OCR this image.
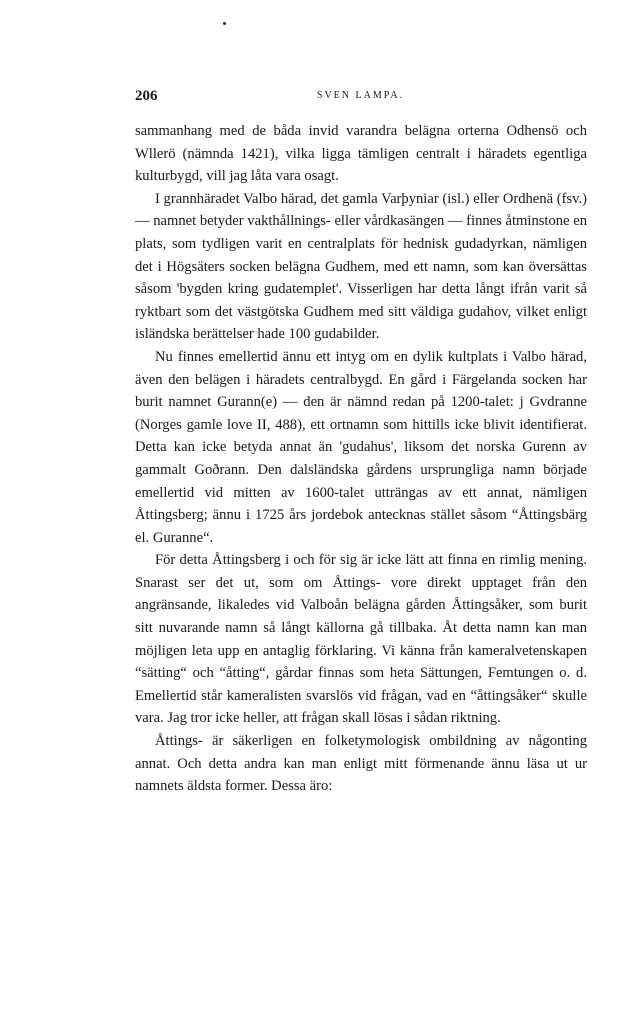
206	SVEN LAMPA.

sammanhang med de båda invid varandra belägna orterna Odhensö och Wllerö (nämnda 1421), vilka ligga tämligen centralt i häradets egentliga kulturbygd, vill jag låta vara osagt.

I grannhäradet Valbo härad, det gamla Varþyniar (isl.) eller Ordhenä (fsv.) — namnet betyder vakthållnings- eller vårdkasängen — finnes åtminstone en plats, som tydligen varit en centralplats för hednisk gudadyrkan, nämligen det i Högsäters socken belägna Gudhem, med ett namn, som kan översättas såsom 'bygden kring gudatemplet'. Visserligen har detta långt ifrån varit så ryktbart som det västgötska Gudhem med sitt väldiga gudahov, vilket enligt isländska berättelser hade 100 gudabilder.

Nu finnes emellertid ännu ett intyg om en dylik kultplats i Valbo härad, även den belägen i häradets centralbygd. En gård i Färgelanda socken har burit namnet Gurann(e) — den är nämnd redan på 1200-talet: j Gvdranne (Norges gamle love II, 488), ett ortnamn som hittills icke blivit identifierat. Detta kan icke betyda annat än 'gudahus', liksom det norska Gurenn av gammalt Goðrann. Den dalsländska gårdens ursprungliga namn började emellertid vid mitten av 1600-talet utträngas av ett annat, nämligen Åttingsberg; ännu i 1725 års jordebok antecknas stället såsom “Åttingsbärg el. Guranne“.

För detta Åttingsberg i och för sig är icke lätt att finna en rimlig mening. Snarast ser det ut, som om Åttings- vore direkt upptaget från den angränsande, likaledes vid Valboån belägna gården Åttingsåker, som burit sitt nuvarande namn så långt källorna gå tillbaka. Åt detta namn kan man möjligen leta upp en antaglig förklaring. Vi känna från kameralvetenskapen “sätting“ och “åtting“, gårdar finnas som heta Sättungen, Femtungen o. d. Emellertid står kameralisten svarslös vid frågan, vad en “åttingsåker“ skulle vara. Jag tror icke heller, att frågan skall lösas i sådan riktning.

Åttings- är säkerligen en folketymologisk ombildning av någonting annat. Och detta andra kan man enligt mitt förmenande ännu läsa ut ur namnets äldsta former. Dessa äro:
